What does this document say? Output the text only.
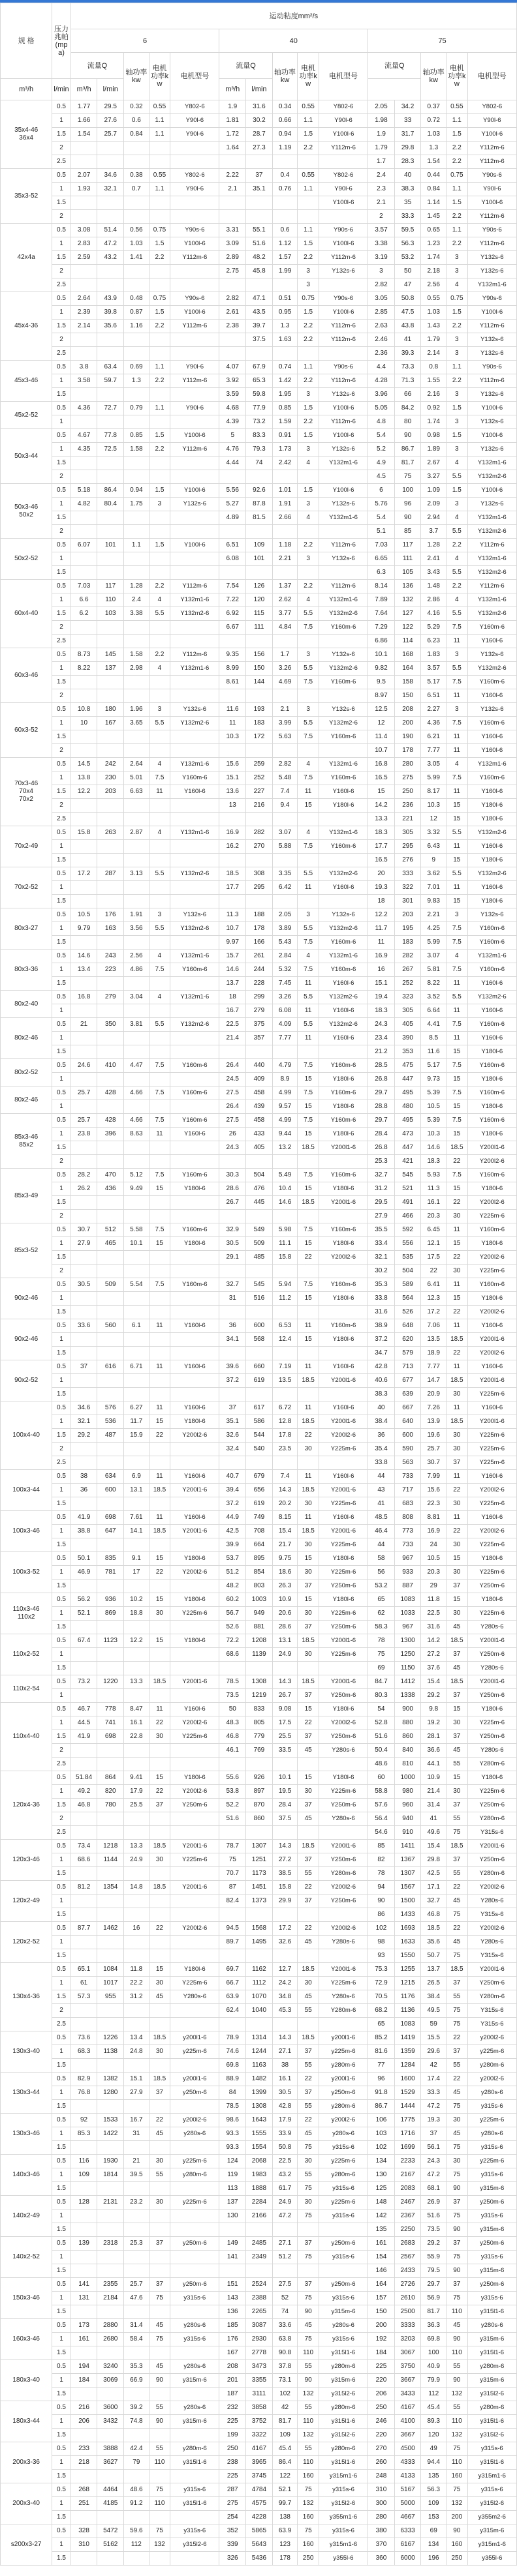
规 格	压力兆帕(mpa)	运动粘度mm²/s														
		6					40					75				
		流量Q		轴功率kw	电机功率kw	电机型号	流量Q		轴功率kw	电机功率kw	电机型号	流量Q		轴功率kw	电机功率kw	电机型号
m³/h	l/min	m³/h	l/min				m³/h	l/min								
35x4-46
36x4	0.5	1.77	29.5	0.32	0.55	Y802-6	1.9	31.6	0.34	0.55	Y802-6	2.05	34.2	0.37	0.55	Y802-6
	1	1.66	27.6	0.6	1.1	Y90l-6	1.81	30.2	0.66	1.1	Y90l-6	1.98	33	0.72	1.1	Y90l-6
	1.5	1.54	25.7	0.84	1.1	Y90l-6	1.72	28.7	0.94	1.5	Y100l-6	1.9	31.7	1.03	1.5	Y100l-6
	2						1.64	27.3	1.19	2.2	Y112m-6	1.79	29.8	1.3	2.2	Y112m-6
	2.5											1.7	28.3	1.54	2.2	Y112m-6
35x3-52	0.5	2.07	34.6	0.38	0.55	Y802-6	2.22	37	0.4	0.55	Y802-6	2.4	40	0.44	0.75	Y90s-6
	1	1.93	32.1	0.7	1.1	Y90l-6	2.1	35.1	0.76	1.1	Y90l-6	2.3	38.3	0.84	1.1	Y90l-6
	1.5										Y100l-6	2.1	35	1.14	1.5	Y100l-6
	2											2	33.3	1.45	2.2	Y112m-6
42x4a	0.5	3.08	51.4	0.56	0.75	Y90s-6	3.31	55.1	0.6	1.1	Y90s-6	3.57	59.5	0.65	1.1	Y90s-6
	1	2.83	47.2	1.03	1.5	Y100l-6	3.09	51.6	1.12	1.5	Y100l-6	3.38	56.3	1.23	2.2	Y112m-6
	1.5	2.59	43.2	1.41	2.2	Y112m-6	2.89	48.2	1.57	2.2	Y112m-6	3.19	53.2	1.74	3	Y132s-6
	2						2.75	45.8	1.99	3	Y132s-6	3	50	2.18	3	Y132s-6
	2.5									3		2.82	47	2.56	4	Y132m1-6
45x4-36	0.5	2.64	43.9	0.48	0.75	Y90s-6	2.82	47.1	0.51	0.75	Y90s-6	3.05	50.8	0.55	0.75	Y90s-6
	1	2.39	39.8	0.87	1.5	Y100l-6	2.61	43.5	0.95	1.5	Y100l-6	2.85	47.5	1.03	1.5	Y100l-6
	1.5	2.14	35.6	1.16	2.2	Y112m-6	2.38	39.7	1.3	2.2	Y112m-6	2.63	43.8	1.43	2.2	Y112m-6
	2							37.5	1.63	2.2	Y112m-6	2.46	41	1.79	3	Y132s-6
	2.5											2.36	39.3	2.14	3	Y132s-6
45x3-46	0.5	3.8	63.4	0.69	1.1	Y90l-6	4.07	67.9	0.74	1.1	Y90s-6	4.4	73.3	0.8	1.1	Y90s-6
	1	3.58	59.7	1.3	2.2	Y112m-6	3.92	65.3	1.42	2.2	Y112m-6	4.28	71.3	1.55	2.2	Y112m-6
	1.5						3.59	59.8	1.95	3	Y132s-6	3.96	66	2.16	3	Y132s-6
45x2-52	0.5	4.36	72.7	0.79	1.1	Y90l-6	4.68	77.9	0.85	1.5	Y100l-6	5.05	84.2	0.92	1.5	Y100l-6
	1						4.39	73.2	1.59	2.2	Y112m-6	4.8	80	1.74	3	Y132s-6
50x3-44	0.5	4.67	77.8	0.85	1.5	Y100l-6	5	83.3	0.91	1.5	Y100l-6	5.4	90	0.98	1.5	Y100l-6
	1	4.35	72.5	1.58	2.2	Y112m-6	4.76	79.3	1.73	3	Y132s-6	5.2	86.7	1.89	3	Y132s-6
	1.5						4.44	74	2.42	4	Y132m1-6	4.9	81.7	2.67	4	Y132m1-6
	2											4.5	75	3.27	5.5	Y132m2-6
50x3-46
50x2	0.5	5.18	86.4	0.94	1.5	Y100l-6	5.56	92.6	1.01	1.5	Y100l-6	6	100	1.09	1.5	Y100l-6
	1	4.82	80.4	1.75	3	Y132s-6	5.27	87.8	1.91	3	Y132s-6	5.76	96	2.09	3	Y132s-6
	1.5						4.89	81.5	2.66	4	Y132m1-6	5.4	90	2.94	4	Y132m1-6
	2											5.1	85	3.7	5.5	Y132m2-6
50x2-52	0.5	6.07	101	1.1	1.5	Y100l-6	6.51	109	1.18	2.2	Y112m-6	7.03	117	1.28	2.2	Y112m-6
	1						6.08	101	2.21	3	Y132s-6	6.65	111	2.41	4	Y132m1-6
	1.5											6.3	105	3.43	5.5	Y132m2-6
60x4-40	0.5	7.03	117	1.28	2.2	Y112m-6	7.54	126	1.37	2.2	Y112m-6	8.14	136	1.48	2.2	Y112m-6
	1	6.6	110	2.4	4	Y132m1-6	7.22	120	2.62	4	Y132m1-6	7.89	132	2.86	4	Y132m1-6
	1.5	6.2	103	3.38	5.5	Y132m2-6	6.92	115	3.77	5.5	Y132m2-6	7.64	127	4.16	5.5	Y132m2-6
	2						6.67	111	4.84	7.5	Y160m-6	7.29	122	5.29	7.5	Y160m-6
	2.5											6.86	114	6.23	11	Y160l-6
60x3-46	0.5	8.73	145	1.58	2.2	Y112m-6	9.35	156	1.7	3	Y132s-6	10.1	168	1.83	3	Y132s-6
	1	8.22	137	2.98	4	Y132m1-6	8.99	150	3.26	5.5	Y132m2-6	9.82	164	3.57	5.5	Y132m2-6
	1.5						8.61	144	4.69	7.5	Y160m-6	9.5	158	5.17	7.5	Y160m-6
	2											8.97	150	6.51	11	Y160l-6
60x3-52	0.5	10.8	180	1.96	3	Y132s-6	11.6	193	2.1	3	Y132s-6	12.5	208	2.27	3	Y132s-6
	1	10	167	3.65	5.5	Y132m2-6	11	183	3.99	5.5	Y132m2-6	12	200	4.36	7.5	Y160m-6
	1.5						10.3	172	5.63	7.5	Y160m-6	11.4	190	6.21	11	Y160l-6
	2											10.7	178	7.77	11	Y160l-6
70x3-46
70x4
70x2	0.5	14.5	242	2.64	4	Y132m1-6	15.6	259	2.82	4	Y132m1-6	16.8	280	3.05	4	Y132m1-6
	1	13.8	230	5.01	7.5	Y160m-6	15.1	252	5.48	7.5	Y160m-6	16.5	275	5.99	7.5	Y160m-6
	1.5	12.2	203	6.63	11	Y160l-6	13.6	227	7.4	11	Y160l-6	15	250	8.17	11	Y160l-6
	2						13	216	9.4	15	Y180l-6	14.2	236	10.3	15	Y180l-6
	2.5											13.3	221	12	15	Y180l-6
70x2-49	0.5	15.8	263	2.87	4	Y132m1-6	16.9	282	3.07	4	Y132m1-6	18.3	305	3.32	5.5	Y132m2-6
	1						16.2	270	5.88	7.5	Y160m-6	17.7	295	6.43	11	Y160l-6
	1.5											16.5	276	9	15	Y180l-6
70x2-52	0.5	17.2	287	3.13	5.5	Y132m2-6	18.5	308	3.35	5.5	Y132m2-6	20	333	3.62	5.5	Y132m2-6
	1						17.7	295	6.42	11	Y160l-6	19.3	322	7.01	11	Y160l-6
	1.5											18	301	9.83	15	Y180l-6
80x3-27	0.5	10.5	176	1.91	3	Y132s-6	11.3	188	2.05	3	Y132s-6	12.2	203	2.21	3	Y132s-6
	1	9.79	163	3.56	5.5	Y132m2-6	10.7	178	3.89	5.5	Y132m2-6	11.7	195	4.25	7.5	Y160m-6
	1.5						9.97	166	5.43	7.5	Y160m-6	11	183	5.99	7.5	Y160m-6
80x3-36	0.5	14.6	243	2.56	4	Y132m1-6	15.7	261	2.84	4	Y132m1-6	16.9	282	3.07	4	Y132m1-6
	1	13.4	223	4.86	7.5	Y160m-6	14.6	244	5.32	7.5	Y160m-6	16	267	5.81	7.5	Y160m-6
	1.5						13.7	228	7.45	11	Y160l-6	15.1	252	8.22	11	Y160l-6
80x2-40	0.5	16.8	279	3.04	4	Y132m1-6	18	299	3.26	5.5	Y132m2-6	19.4	323	3.52	5.5	Y132m2-6
	1						16.7	279	6.08	11	Y160l-6	18.3	305	6.64	11	Y160l-6
80x2-46	0.5	21	350	3.81	5.5	Y132m2-6	22.5	375	4.09	5.5	Y132m2-6	24.3	405	4.41	7.5	Y160m-6
	1						21.4	357	7.77	11	Y160l-6	23.4	390	8.5	11	Y160l-6
	1.5											21.2	353	11.6	15	Y180l-6
80x2-52	0.5	24.6	410	4.47	7.5	Y160m-6	26.4	440	4.79	7.5	Y160m-6	28.5	475	5.17	7.5	Y160m-6
	1						24.5	409	8.9	15	Y180l-6	26.8	447	9.73	15	Y180l-6
80x2-46	0.5	25.7	428	4.66	7.5	Y160m-6	27.5	458	4.99	7.5	Y160m-6	29.7	495	5.39	7.5	Y160m-6
	1						26.4	439	9.57	15	Y180l-6	28.8	480	10.5	15	Y180l-6
85x3-46
85x2	0.5	25.7	428	4.66	7.5	Y160m-6	27.5	458	4.99	7.5	Y160m-6	29.7	495	5.39	7.5	Y160m-6
	1	23.8	396	8.63	11	Y160l-6	26	433	9.44	15	Y180l-6	28.4	473	10.3	15	Y180l-6
	1.5						24.3	405	13.2	18.5	Y200l1-6	26.8	447	14.6	18.5	Y200l1-6
	2											25.3	421	18.3	22	Y200l2-6
85x3-49	0.5	28.2	470	5.12	7.5	Y160m-6	30.3	504	5.49	7.5	Y160m-6	32.7	545	5.93	7.5	Y160m-6
	1	26.2	436	9.49	15	Y180l-6	28.6	476	10.4	15	Y180l-6	31.2	521	11.3	15	Y180l-6
	1.5						26.7	445	14.6	18.5	Y200l1-6	29.5	491	16.1	22	Y200l2-6
	2											27.9	466	20.3	30	Y225m-6
85x3-52	0.5	30.7	512	5.58	7.5	Y160m-6	32.9	549	5.98	7.5	Y160m-6	35.5	592	6.45	11	Y160m-6
	1	27.9	465	10.1	15	Y180l-6	30.5	509	11.1	15	Y180l-6	33.4	556	12.1	15	Y180l-6
	1.5						29.1	485	15.8	22	Y200l2-6	32.1	535	17.5	22	Y200l2-6
	2											30.2	504	22	30	Y225m-6
90x2-46	0.5	30.5	509	5.54	7.5	Y160m-6	32.7	545	5.94	7.5	Y160m-6	35.3	589	6.41	11	Y160m-6
	1						31	516	11.2	15	Y180l-6	33.8	564	12.3	15	Y180l-6
	1.5											31.6	526	17.2	22	Y200l2-6
90x2-46	0.5	33.6	560	6.1	11	Y160l-6	36	600	6.53	11	Y160m-6	38.9	648	7.06	11	Y160l-6
	1						34.1	568	12.4	15	Y180l-6	37.2	620	13.5	18.5	Y200l1-6
	1.5											34.7	579	18.9	22	Y200l2-6
90x2-52	0.5	37	616	6.71	11	Y160l-6	39.6	660	7.19	11	Y160l-6	42.8	713	7.77	11	Y160l-6
	1						37.2	619	13.5	18.5	Y200l1-6	40.6	677	14.7	18.5	Y200l1-6
	1.5											38.3	639	20.9	30	Y225m-6
100x4-40	0.5	34.6	576	6.27	11	Y160l-6	37	617	6.72	11	Y160l-6	40	667	7.26	11	Y160l-6
	1	32.1	536	11.7	15	Y180l-6	35.1	586	12.8	18.5	Y200l1-6	38.4	640	13.9	18.5	Y200l1-6
	1.5	29.2	487	15.9	22	Y200l2-6	32.6	544	17.8	22	Y200l2-6	36	600	19.6	30	Y225m-6
	2						32.4	540	23.5	30	Y225m-6	35.4	590	25.7	30	Y225m-6
	2.5											33.8	563	30.7	37	Y225m-6
100x3-44	0.5	38	634	6.9	11	Y160l-6	40.7	679	7.4	11	Y160l-6	44	733	7.99	11	Y160l-6
	1	36	600	13.1	18.5	Y200l1-6	39.4	656	14.3	18.5	Y200l1-6	43	717	15.6	22	Y200l2-6
	1.5						37.2	619	20.2	30	Y225m-6	41	683	22.3	30	Y225m-6
100x3-46	0.5	41.9	698	7.61	11	Y160l-6	44.9	749	8.15	11	Y160l-6	48.5	808	8.81	11	Y160l-6
	1	38.8	647	14.1	18.5	Y200l1-6	42.5	708	15.4	18.5	Y200l1-6	46.4	773	16.9	22	Y200l2-6
	1.5						39.9	664	21.7	30	Y225m-6	44	733	24	30	Y225m-6
100x3-52	0.5	50.1	835	9.1	15	Y180l-6	53.7	895	9.75	15	Y180l-6	58	967	10.5	15	Y180l-6
	1	46.9	781	17	22	Y200l2-6	51.2	854	18.6	30	Y225m-6	56	933	20.3	30	Y225m-6
	1.5						48.2	803	26.3	37	Y250m-6	53.2	887	29	37	Y250m-6
110x3-46
110x2	0.5	56.2	936	10.2	15	Y180l-6	60.2	1003	10.9	15	Y180l-6	65	1083	11.8	15	Y180l-6
	1	52.1	869	18.8	30	Y225m-6	56.7	949	20.6	30	Y225m-6	62	1033	22.5	30	Y225m-6
	1.5						52.6	881	28.6	37	Y250m-6	58.3	967	31.6	45	Y280s-6
110x2-52	0.5	67.4	1123	12.2	15	Y180l-6	72.2	1208	13.1	18.5	Y200l1-6	78	1300	14.2	18.5	Y200l1-6
	1						68.6	1139	24.9	30	Y225m-6	75	1250	27.2	37	Y250m-6
	1.5											69	1150	37.6	45	Y280s-6
110x2-54	0.5	73.2	1220	13.3	18.5	Y200l1-6	78.5	1308	14.3	18.5	Y200l1-6	84.7	1412	15.4	18.5	Y200l1-6
	1						73.5	1219	26.7	37	Y250m-6	80.3	1338	29.2	37	Y250m-6
110x4-40	0.5	46.7	778	8.47	11	Y160l-6	50	833	9.08	15	Y180l-6	54	900	9.8	15	Y180l-6
	1	44.5	741	16.1	22	Y200l2-6	48.3	805	17.5	22	Y200l2-6	52.8	880	19.2	30	Y225m-6
	1.5	41.9	698	22.8	30	Y225m-6	46.8	779	25.5	37	Y250m-6	51.6	860	28.1	37	Y250m-6
	2						46.1	769	33.5	45	Y280s-6	50.4	840	36.6	45	Y280s-6
	2.5											48.6	810	44.1	55	Y280m-6
120x4-36	0.5	51.84	864	9.41	15	Y180l-6	55.6	926	10.1	15	Y180l-6	60	1000	10.9	15	Y180l-6
	1	49.2	820	17.9	22	Y200l2-6	53.8	897	19.5	30	Y225m-6	58.8	980	21.4	30	Y225m-6
	1.5	46.8	780	25.5	37	Y250m-6	52.2	870	28.4	37	Y250m-6	57.6	960	31.4	37	Y250m-6
	2						51.6	860	37.5	45	Y280s-6	56.4	940	41	55	Y280m-6
	2.5											54.6	910	49.6	75	Y315s-6
120x3-46	0.5	73.4	1218	13.3	18.5	Y200l1-6	78.7	1307	14.3	18.5	Y200l1-6	85	1411	15.4	18.5	Y200l1-6
	1	68.6	1144	24.9	30	Y225m-6	75	1251	27.2	37	Y250m-6	82	1367	29.8	37	Y250m-6
	1.5						70.7	1173	38.5	55	Y280m-6	78	1307	42.5	55	Y280m-6
120x2-49	0.5	81.2	1354	14.8	18.5	Y200l1-6	87	1451	15.8	22	Y200l2-6	94	1567	17.1	22	Y200l2-6
	1						82.4	1373	29.9	37	Y250m-6	90	1500	32.7	45	Y280s-6
	1.5											86	1433	46.8	75	Y315s-6
120x2-52	0.5	87.7	1462	16	22	Y200l2-6	94.5	1568	17.2	22	Y200l2-6	102	1693	18.5	22	Y200l2-6
	1						89.7	1495	32.6	45	Y280s-6	98	1633	35.6	45	Y280s-6
	1.5											93	1550	50.7	75	Y315s-6
130x4-36	0.5	65.1	1084	11.8	15	Y180l-6	69.7	1162	12.7	18.5	Y200l1-6	75.3	1255	13.7	18.5	Y200l1-6
	1	61	1017	22.2	30	Y225m-6	66.7	1112	24.2	30	Y225m-6	72.9	1215	26.5	37	Y250m-6
	1.5	57.3	955	31.2	45	Y280s-6	63.9	1070	34.8	45	Y280s-6	70.5	1176	38.4	55	Y280m-6
	2						62.4	1040	45.3	55	Y280m-6	68.2	1136	49.5	75	Y315s-6
	2.5											65	1083	59	75	Y315s-6
130x3-40	0.5	73.6	1226	13.4	18.5	y200l1-6	78.9	1314	14.3	18.5	y200l1-6	85.2	1419	15.5	22	y200l2-6
	1	68.3	1138	24.8	30	y225m-6	74.6	1244	27.1	37	y225m-6	81.6	1359	29.6	37	y225m-6
	1.5						69.8	1163	38	55	y280m-6	77	1284	42	55	y280m-6
130x3-44	0.5	82.9	1382	15.1	18.5	y200l1-6	88.9	1482	16.1	22	y200l1-6	96	1600	17.4	22	y200l2-6
	1	76.8	1280	27.9	37	y250m-6	84	1399	30.5	37	y250m-6	91.8	1529	33.3	45	y280s-6
	1.5						78.5	1308	42.8	55	y280m-6	86.7	1444	47.2	75	y315s-6
130x3-46	0.5	92	1533	16.7	22	y200l2-6	98.6	1643	17.9	22	y200l2-6	106	1775	19.3	30	y225m-6
	1	85.3	1422	31	45	y280s-6	93.3	1555	33.9	45	y280s-6	103	1716	37	45	y280s-6
	1.5						93.3	1554	50.8	75	y315s-6	102	1699	56.1	75	y315s-6
140x3-46	0.5	116	1930	21	30	y225m-6	124	2068	22.5	30	y225m-6	134	2233	24.3	30	y225m-6
	1	109	1814	39.5	55	y280m-6	119	1983	43.2	55	y280m-6	130	2167	47.2	75	y315s-6
	1.5						113	1888	61.7	75	y315s-6	125	2083	68.1	90	y315m-6
140x2-49	0.5	128	2131	23.2	30	y225m-6	137	2284	24.9	30	y225m-6	148	2467	26.9	37	y250m-6
	1						130	2166	47.2	75	y315s-6	142	2367	51.6	75	y315s-6
	1.5											135	2250	73.5	90	y315m-6
140x2-52	0.5	139	2318	25.3	37	y250m-6	149	2485	27.1	37	y250m-6	161	2683	29.2	37	y250m-6
	1						141	2349	51.2	75	y315s-6	154	2567	55.9	75	y315s-6
	1.5											146	2433	79.5	90	y315m-6
150x3-46	0.5	141	2355	25.7	37	y250m-6	151	2524	27.5	37	y250m-6	164	2726	29.7	37	y250m-6
	1	131	2184	47.6	75	y315s-6	143	2388	52	75	y315s-6	157	2610	56.9	75	y315s-6
	1.5						136	2265	74	90	y315m-6	150	2500	81.7	110	y315l1-6
160x3-46	0.5	173	2880	31.4	45	y280s-6	185	3087	33.6	45	y280s-6	200	3333	36.3	45	y280s-6
	1	161	2680	58.4	75	y315s-6	176	2930	63.8	75	y315s-6	192	3203	69.8	90	y315m-6
	1.5						167	2778	90.8	110	y315l1-6	184	3067	100	110	y315l1-6
180x3-40	0.5	194	3240	35.3	45	y280s-6	208	3473	37.8	55	y280m-6	225	3750	40.9	55	y280m-6
	1	184	3069	66.9	90	y315m-6	201	3355	73.1	90	y315m-6	220	3667	79.9	90	y315m-6
	1.5						187	3111	102	132	y315l2-6	206	3433	112	132	y315l2-6
180x3-44	0.5	216	3600	39.2	55	y280s-6	232	3858	42	55	y280m-6	250	4167	45.4	55	y280m-6
	1	206	3432	74.8	90	y315m-6	225	3752	81.7	110	y315l1-6	246	4100	89.3	110	y315l1-6
	1.5						199	3322	109	132	y315l2-6	220	3667	120	132	y315l2-6
200x3-36	0.5	233	3888	42.4	55	y280m-6	250	4167	45.4	55	y280m-6	270	4500	49	75	y315s-6
	1	218	3627	79	110	y315l1-6	238	3965	86.4	110	y315l1-6	260	4333	94.4	110	y315l1-6
	1.5						225	3745	122	160	y315m1-6	248	4133	135	160	y315m1-6
200x3-40	0.5	268	4464	48.6	75	y315s-6	287	4784	52.1	75	y315s-6	310	5167	56.3	75	y315s-6
	1	251	4185	91.2	110	y315l1-6	275	4575	99.7	132	y315l2-6	300	5000	109	132	y315l2-6
	1.5						254	4228	138	160	y355m1-6	280	4667	153	200	y355m2-6
s200x3-27	0.5	328	5472	59.6	75	y315s-6	352	5865	63.9	75	y315s-6	380	6333	69	90	y315m-6
	1	310	5162	112	132	y315l2-6	339	5643	123	160	y315m1-6	370	6167	134	160	y315m1-6
	1.5						326	5436	178	250	y355l-6	360	6000	196	250	y355l-6
